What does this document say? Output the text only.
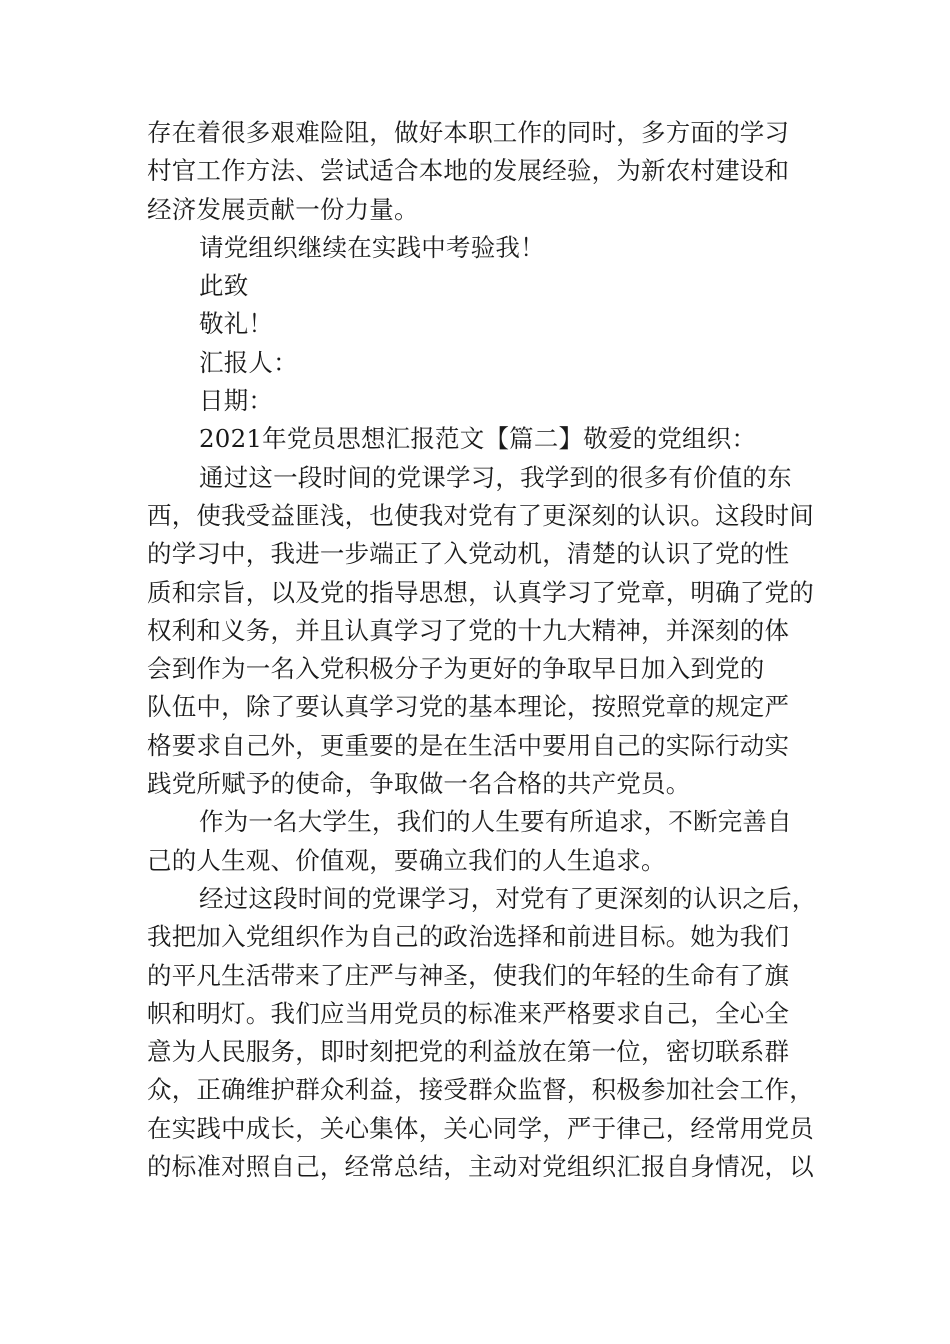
存在着很多艰难险阻，做好本职工作的同时，多方面的学习
村官工作方法、尝试适合本地的发展经验，为新农村建设和
经济发展贡献一份力量。
请党组织继续在实践中考验我！
此致
敬礼！
汇报人：
日期：
2021年党员思想汇报范文【篇二】敬爱的党组织：
通过这一段时间的党课学习，我学到的很多有价值的东
西，使我受益匪浅，也使我对党有了更深刻的认识。这段时间
的学习中，我进一步端正了入党动机，清楚的认识了党的性
质和宗旨，以及党的指导思想，认真学习了党章，明确了党的
权利和义务，并且认真学习了党的十九大精神，并深刻的体
会到作为一名入党积极分子为更好的争取早日加入到党的
队伍中，除了要认真学习党的基本理论，按照党章的规定严
格要求自己外，更重要的是在生活中要用自己的实际行动实
践党所赋予的使命，争取做一名合格的共产党员。
作为一名大学生，我们的人生要有所追求，不断完善自
己的人生观、价值观，要确立我们的人生追求。
经过这段时间的党课学习，对党有了更深刻的认识之后，
我把加入党组织作为自己的政治选择和前进目标。她为我们
的平凡生活带来了庄严与神圣，使我们的年轻的生命有了旗
帜和明灯。我们应当用党员的标准来严格要求自己，全心全
意为人民服务，即时刻把党的利益放在第一位，密切联系群
众，正确维护群众利益，接受群众监督，积极参加社会工作，
在实践中成长，关心集体，关心同学，严于律己，经常用党员
的标准对照自己，经常总结，主动对党组织汇报自身情况，以
